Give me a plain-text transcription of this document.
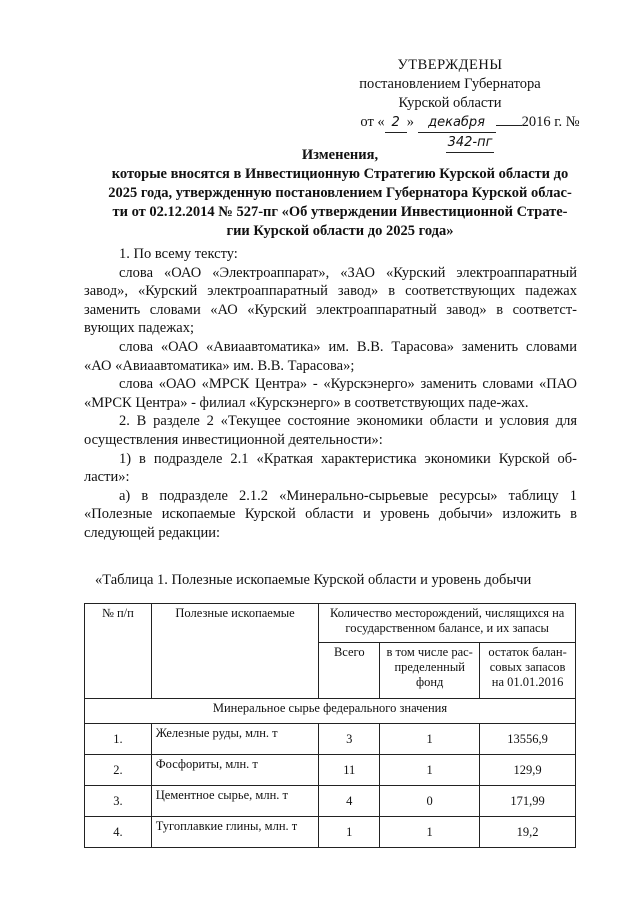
УТВЕРЖДЕНЫ
постановлением Губернатора
Курской области
от « 2 » декабря	2016 г. № 342-пг
Изменения,
которые вносятся в Инвестиционную Стратегию Курской области до
2025 года, утвержденную постановлением Губернатора Курской облас-
ти от 02.12.2014 № 527-пг «Об утверждении Инвестиционной Страте-
гии Курской области до 2025 года»

1. По всему тексту:

слова «ОАО «Электроаппарат», «ЗАО «Курский электроаппаратный завод», «Курский электроаппаратный завод» в соответствующих падежах заменить словами «АО «Курский электроаппаратный завод» в соответст-вующих падежах;

слова «ОАО «Авиаавтоматика» им. В.В. Тарасова» заменить словами «АО «Авиаавтоматика» им. В.В. Тарасова»;

слова «ОАО «МРСК Центра» - «Курскэнерго» заменить словами «ПАО «МРСК Центра» - филиал «Курскэнерго» в соответствующих паде-жах.

2. В разделе 2 «Текущее состояние экономики области и условия для осуществления инвестиционной деятельности»:

1) в подразделе 2.1 «Краткая характеристика экономики Курской об-ласти»:

а) в подразделе 2.1.2 «Минерально-сырьевые ресурсы» таблицу 1 «Полезные ископаемые Курской области и уровень добычи» изложить в следующей редакции:

«Таблица 1. Полезные ископаемые Курской области и уровень добычи
№ п/п	Полезные ископаемые	Количество месторождений, числящихся на государственном балансе, и их запасы		
		Всего	в том числе рас-пределенный фонд	остаток балан-совых запасов на 01.01.2016
Минеральное сырье федерального значения				
1.	Железные руды, млн. т	3	1	13556,9
2.	Фосфориты, млн. т	11	1	129,9
3.	Цементное сырье, млн. т	4	0	171,99
4.	Тугоплавкие глины, млн. т	1	1	19,2
